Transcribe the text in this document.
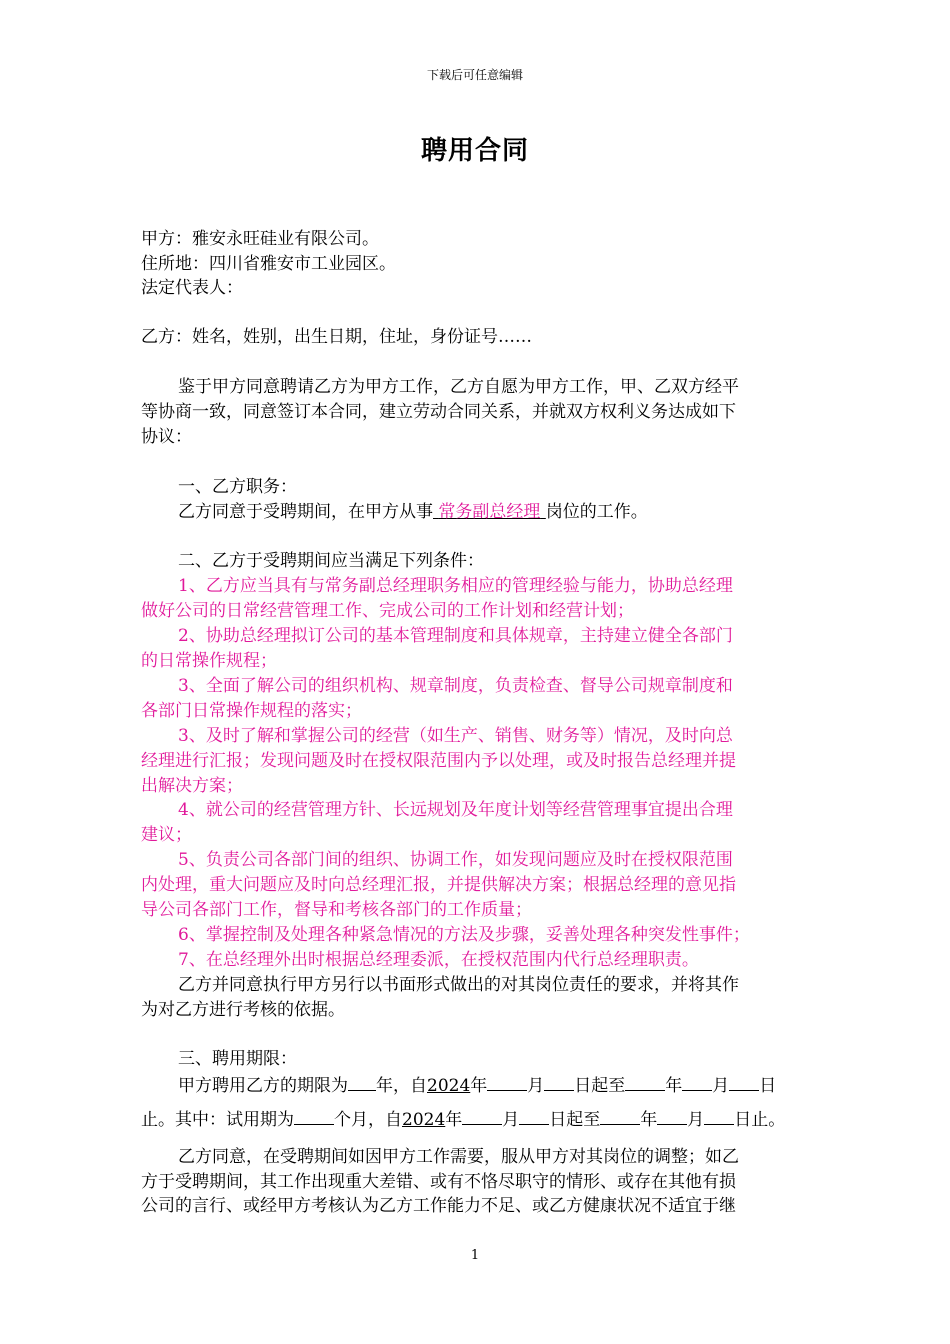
下载后可任意编辑
聘用合同
甲方：雅安永旺硅业有限公司。
住所地：四川省雅安市工业园区。
法定代表人：
乙方：姓名，姓别，出生日期，住址，身份证号……
鉴于甲方同意聘请乙方为甲方工作，乙方自愿为甲方工作，甲、乙双方经平
等协商一致，同意签订本合同，建立劳动合同关系，并就双方权利义务达成如下
协议：
一、乙方职务：
乙方同意于受聘期间，在甲方从事 常务副总经理 岗位的工作。
二、乙方于受聘期间应当满足下列条件：
1、乙方应当具有与常务副总经理职务相应的管理经验与能力，协助总经理
做好公司的日常经营管理工作、完成公司的工作计划和经营计划；
2、协助总经理拟订公司的基本管理制度和具体规章，主持建立健全各部门
的日常操作规程；
3、全面了解公司的组织机构、规章制度，负责检查、督导公司规章制度和
各部门日常操作规程的落实；
3、及时了解和掌握公司的经营（如生产、销售、财务等）情况，及时向总
经理进行汇报；发现问题及时在授权限范围内予以处理，或及时报告总经理并提
出解决方案；
4、就公司的经营管理方针、长远规划及年度计划等经营管理事宜提出合理
建议；
5、负责公司各部门间的组织、协调工作，如发现问题应及时在授权限范围
内处理，重大问题应及时向总经理汇报，并提供解决方案；根据总经理的意见指
导公司各部门工作，督导和考核各部门的工作质量；
6、掌握控制及处理各种紧急情况的方法及步骤，妥善处理各种突发性事件；
7、在总经理外出时根据总经理委派，在授权范围内代行总经理职责。
乙方并同意执行甲方另行以书面形式做出的对其岗位责任的要求，并将其作
为对乙方进行考核的依据。
三、聘用期限：
甲方聘用乙方的期限为 年，自2024年 月 日起至 年 月 日
止。其中：试用期为 个月，自2024年 月 日起至 年 月 日止。
乙方同意，在受聘期间如因甲方工作需要，服从甲方对其岗位的调整；如乙
方于受聘期间，其工作出现重大差错、或有不恪尽职守的情形、或存在其他有损
公司的言行、或经甲方考核认为乙方工作能力不足、或乙方健康状况不适宜于继
1
